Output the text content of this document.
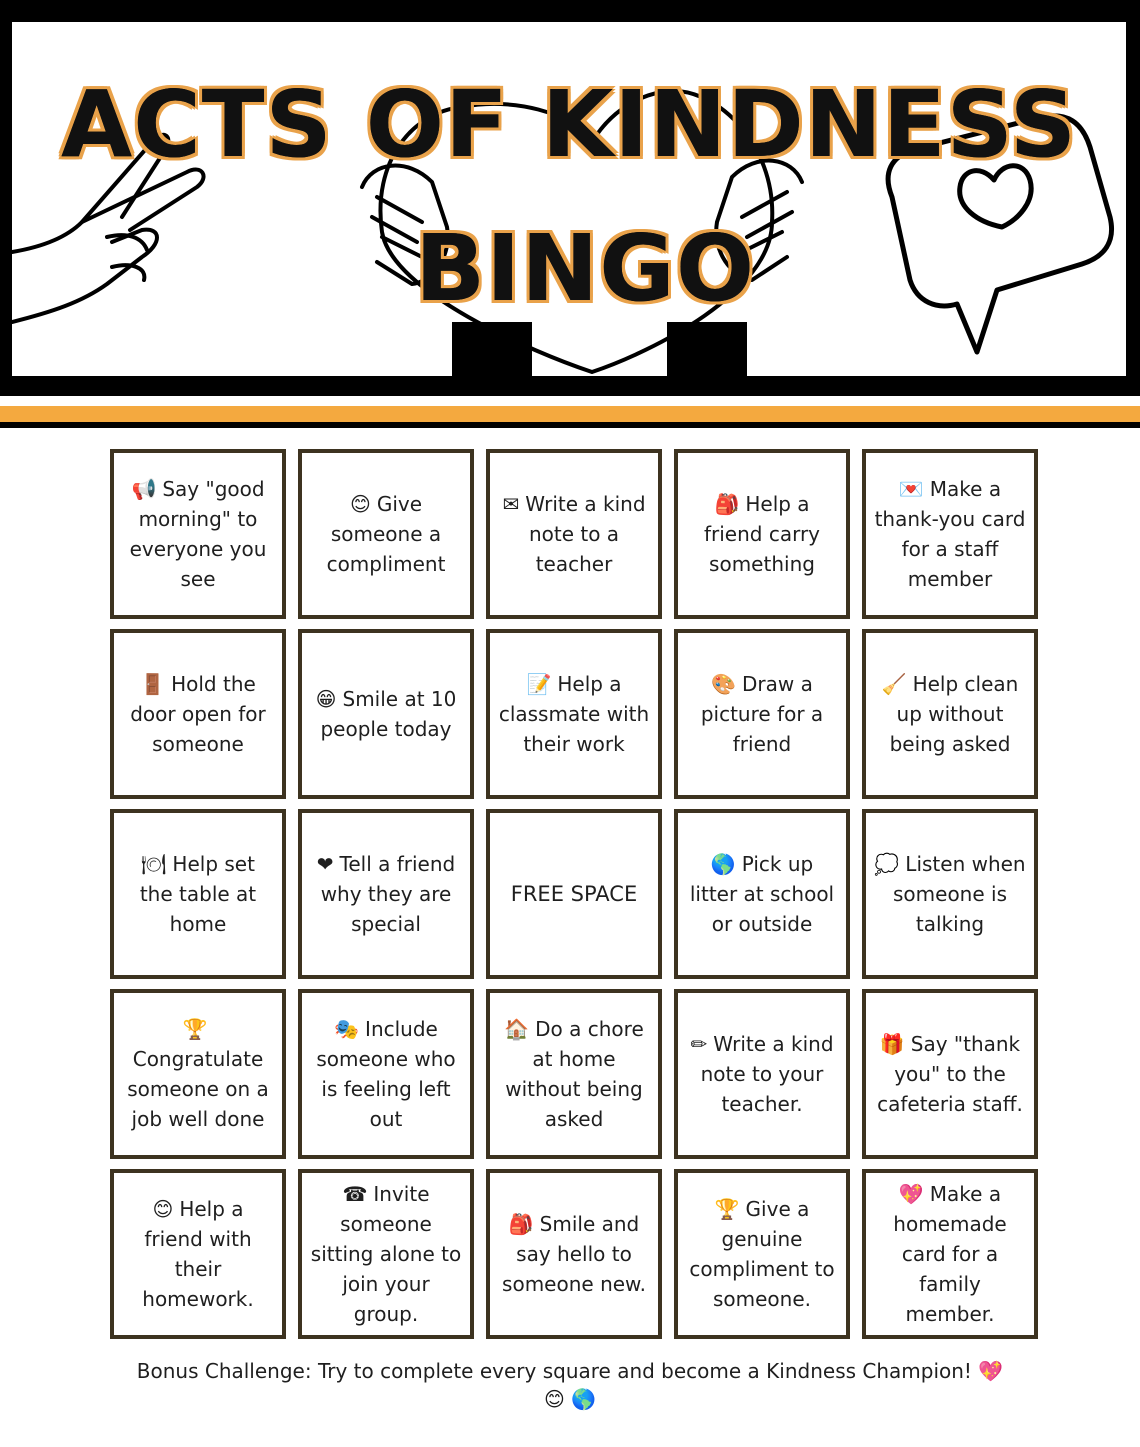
ACTS OF KINDNESS
BINGO
📢 Say "good morning" to everyone you see
😊 Give someone a compliment
✉ Write a kind note to a teacher
🎒 Help a friend carry something
💌 Make a thank-you card for a staff member
🚪 Hold the door open for someone
😁 Smile at 10 people today
📝 Help a classmate with their work
🎨 Draw a picture for a friend
🧹 Help clean up without being asked
🍽 Help set the table at home
❤ Tell a friend why they are special
FREE SPACE
🌎 Pick up litter at school or outside
💭 Listen when someone is talking
🏆Congratulate someone on a job well done
🎭 Include someone who is feeling left out
🏠 Do a chore at home without being asked
✏ Write a kind note to your teacher.
🎁 Say "thank you" to the cafeteria staff.
😊 Help a friend with their homework.
☎ Invite someone sitting alone to join your group.
🎒 Smile and say hello to someone new.
🏆 Give a genuine compliment to someone.
💖 Make a homemade card for a family member.
Bonus Challenge: Try to complete every square and become a Kindness Champion! 💖
😊 🌎
